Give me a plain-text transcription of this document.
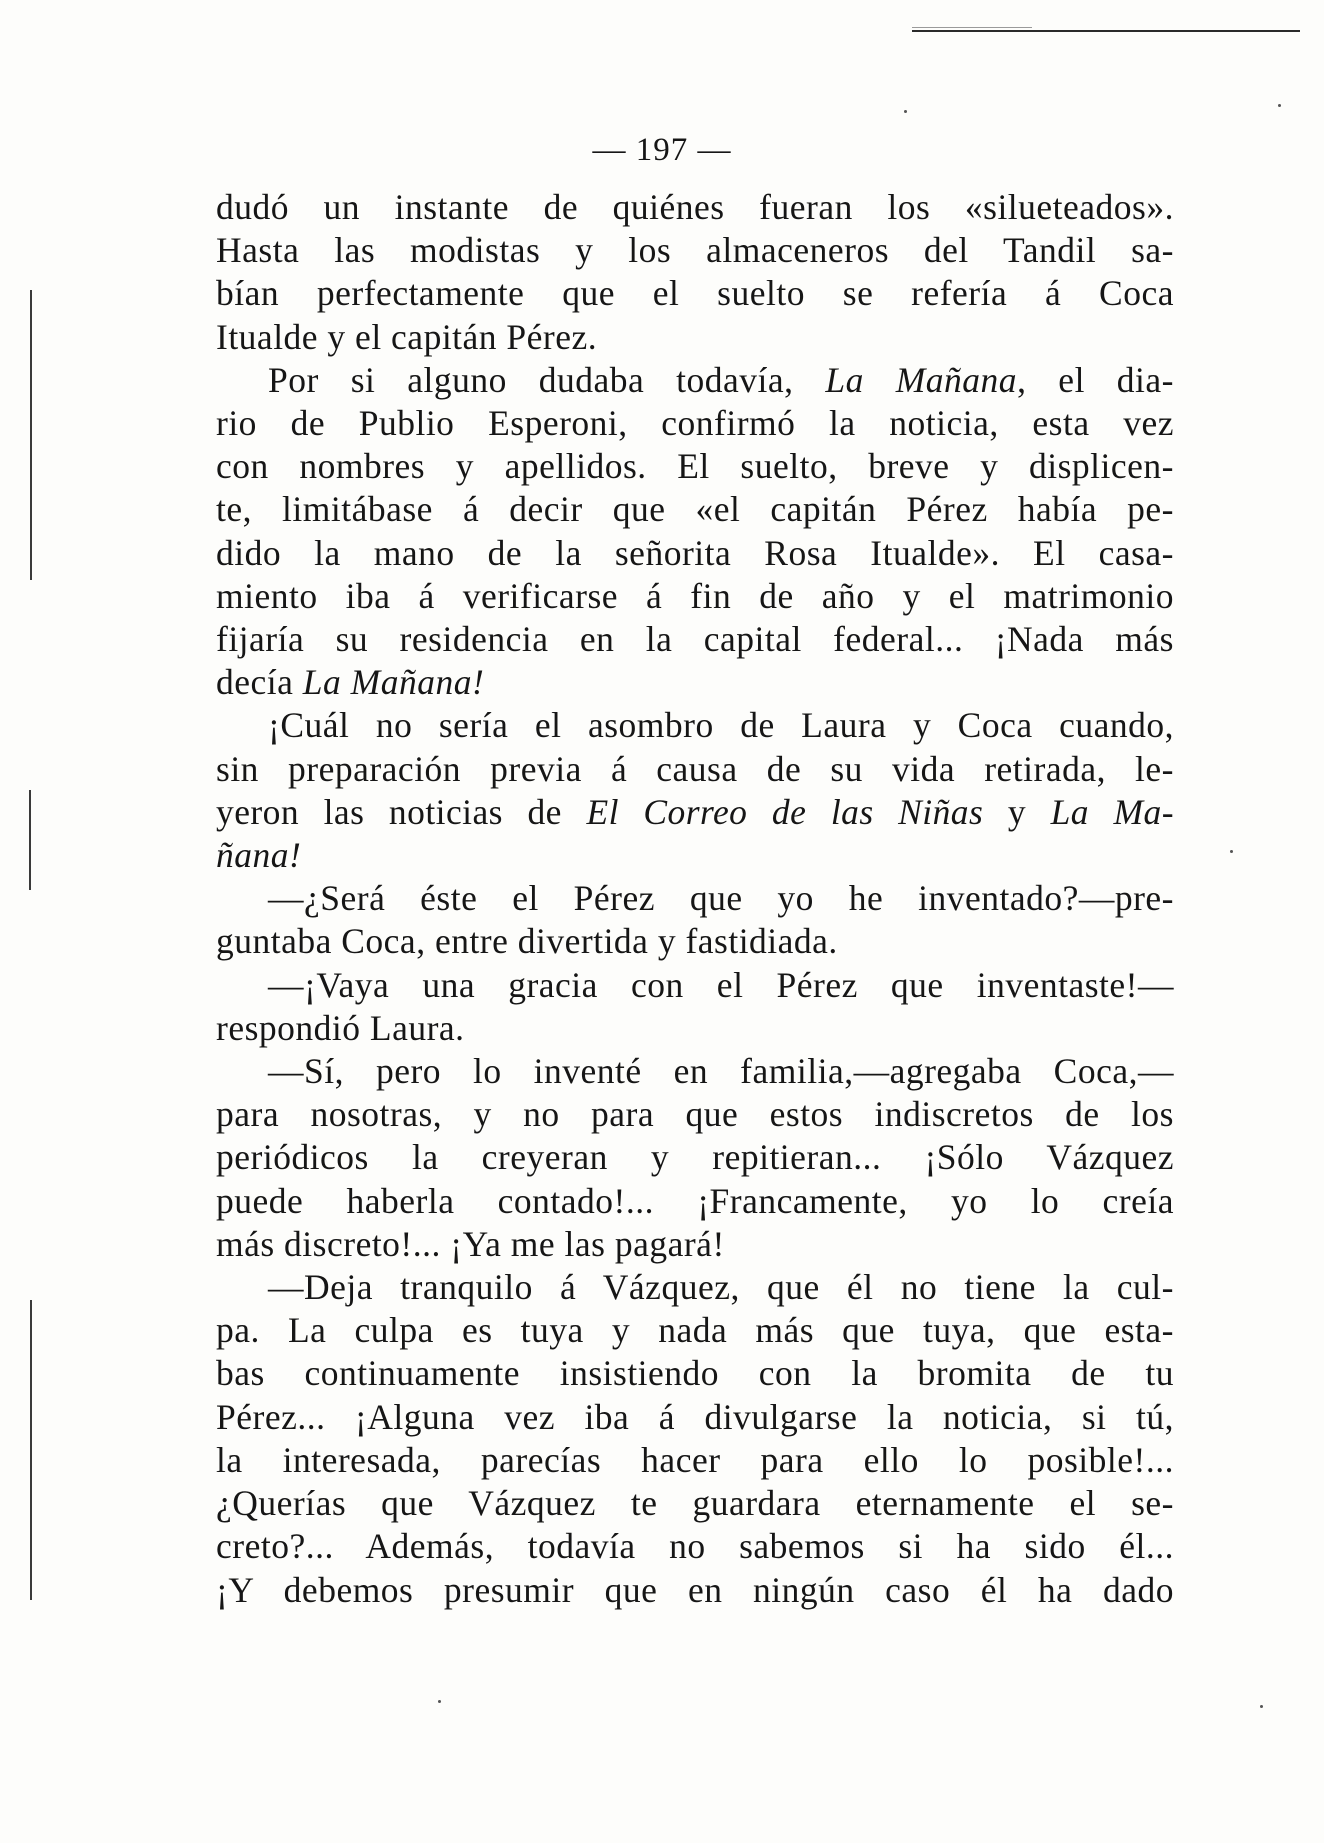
— 197 —
dudó un instante de quiénes fueran los «silueteados».
Hasta las modistas y los almaceneros del Tandil sa-
bían perfectamente que el suelto se refería á Coca
Itualde y el capitán Pérez.
Por si alguno dudaba todavía, La Mañana, el dia-
rio de Publio Esperoni, confirmó la noticia, esta vez
con nombres y apellidos. El suelto, breve y displicen-
te, limitábase á decir que «el capitán Pérez había pe-
dido la mano de la señorita Rosa Itualde». El casa-
miento iba á verificarse á fin de año y el matrimonio
fijaría su residencia en la capital federal... ¡Nada más
decía La Mañana!
¡Cuál no sería el asombro de Laura y Coca cuando,
sin preparación previa á causa de su vida retirada, le-
yeron las noticias de El Correo de las Niñas y La Ma-
ñana!
—¿Será éste el Pérez que yo he inventado?—pre-
guntaba Coca, entre divertida y fastidiada.
—¡Vaya una gracia con el Pérez que inventaste!—
respondió Laura.
—Sí, pero lo inventé en familia,—agregaba Coca,—
para nosotras, y no para que estos indiscretos de los
periódicos la creyeran y repitieran... ¡Sólo Vázquez
puede haberla contado!... ¡Francamente, yo lo creía
más discreto!... ¡Ya me las pagará!
—Deja tranquilo á Vázquez, que él no tiene la cul-
pa. La culpa es tuya y nada más que tuya, que esta-
bas continuamente insistiendo con la bromita de tu
Pérez... ¡Alguna vez iba á divulgarse la noticia, si tú,
la interesada, parecías hacer para ello lo posible!...
¿Querías que Vázquez te guardara eternamente el se-
creto?... Además, todavía no sabemos si ha sido él...
¡Y debemos presumir que en ningún caso él ha dado
